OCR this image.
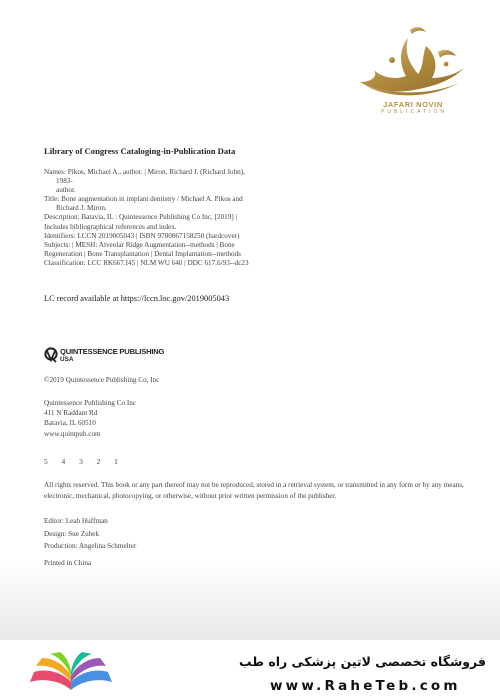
JAFARI NOVIN
PUBLICATION
Library of Congress Cataloging-in-Publication Data
Names: Pikos, Michael A., author. | Miron, Richard J. (Richard John),
1983-
author.
Title: Bone augmentation in implant dentistry / Michael A. Pikos and
Richard J. Miron.
Description: Batavia, IL : Quintessence Publishing Co Inc, [2019] |
Includes bibliographical references and index.
Identifiers: LCCN 2019005043 | ISBN 9780867158250 (hardcover)
Subjects: | MESH: Alveolar Ridge Augmentation--methods | Bone
Regeneration | Bone Transplantation | Dental Implantation--methods
Classification: LCC RK667.I45 | NLM WU 640 | DDC 617.6/93--dc23
LC record available at https://lccn.loc.gov/2019005043
QUINTESSENCE PUBLISHING
USA
©2019 Quintessence Publishing Co, Inc
Quintessence Publishing Co Inc
411 N Raddant Rd
Batavia, IL 60510
www.quintpub.com
5 4 3 2 1
All rights reserved. This book or any part thereof may not be reproduced, stored in a retrieval system, or transmitted in any form or by any means, electronic, mechanical, photocopying, or otherwise, without prior written permission of the publisher.
Editor: Leah Huffman
Design: Sue Zubek
Production: Angelina Schmelter
Printed in China
فروشگاه تخصصی لاتین پزشکی راه طب
www.RaheTeb.com
